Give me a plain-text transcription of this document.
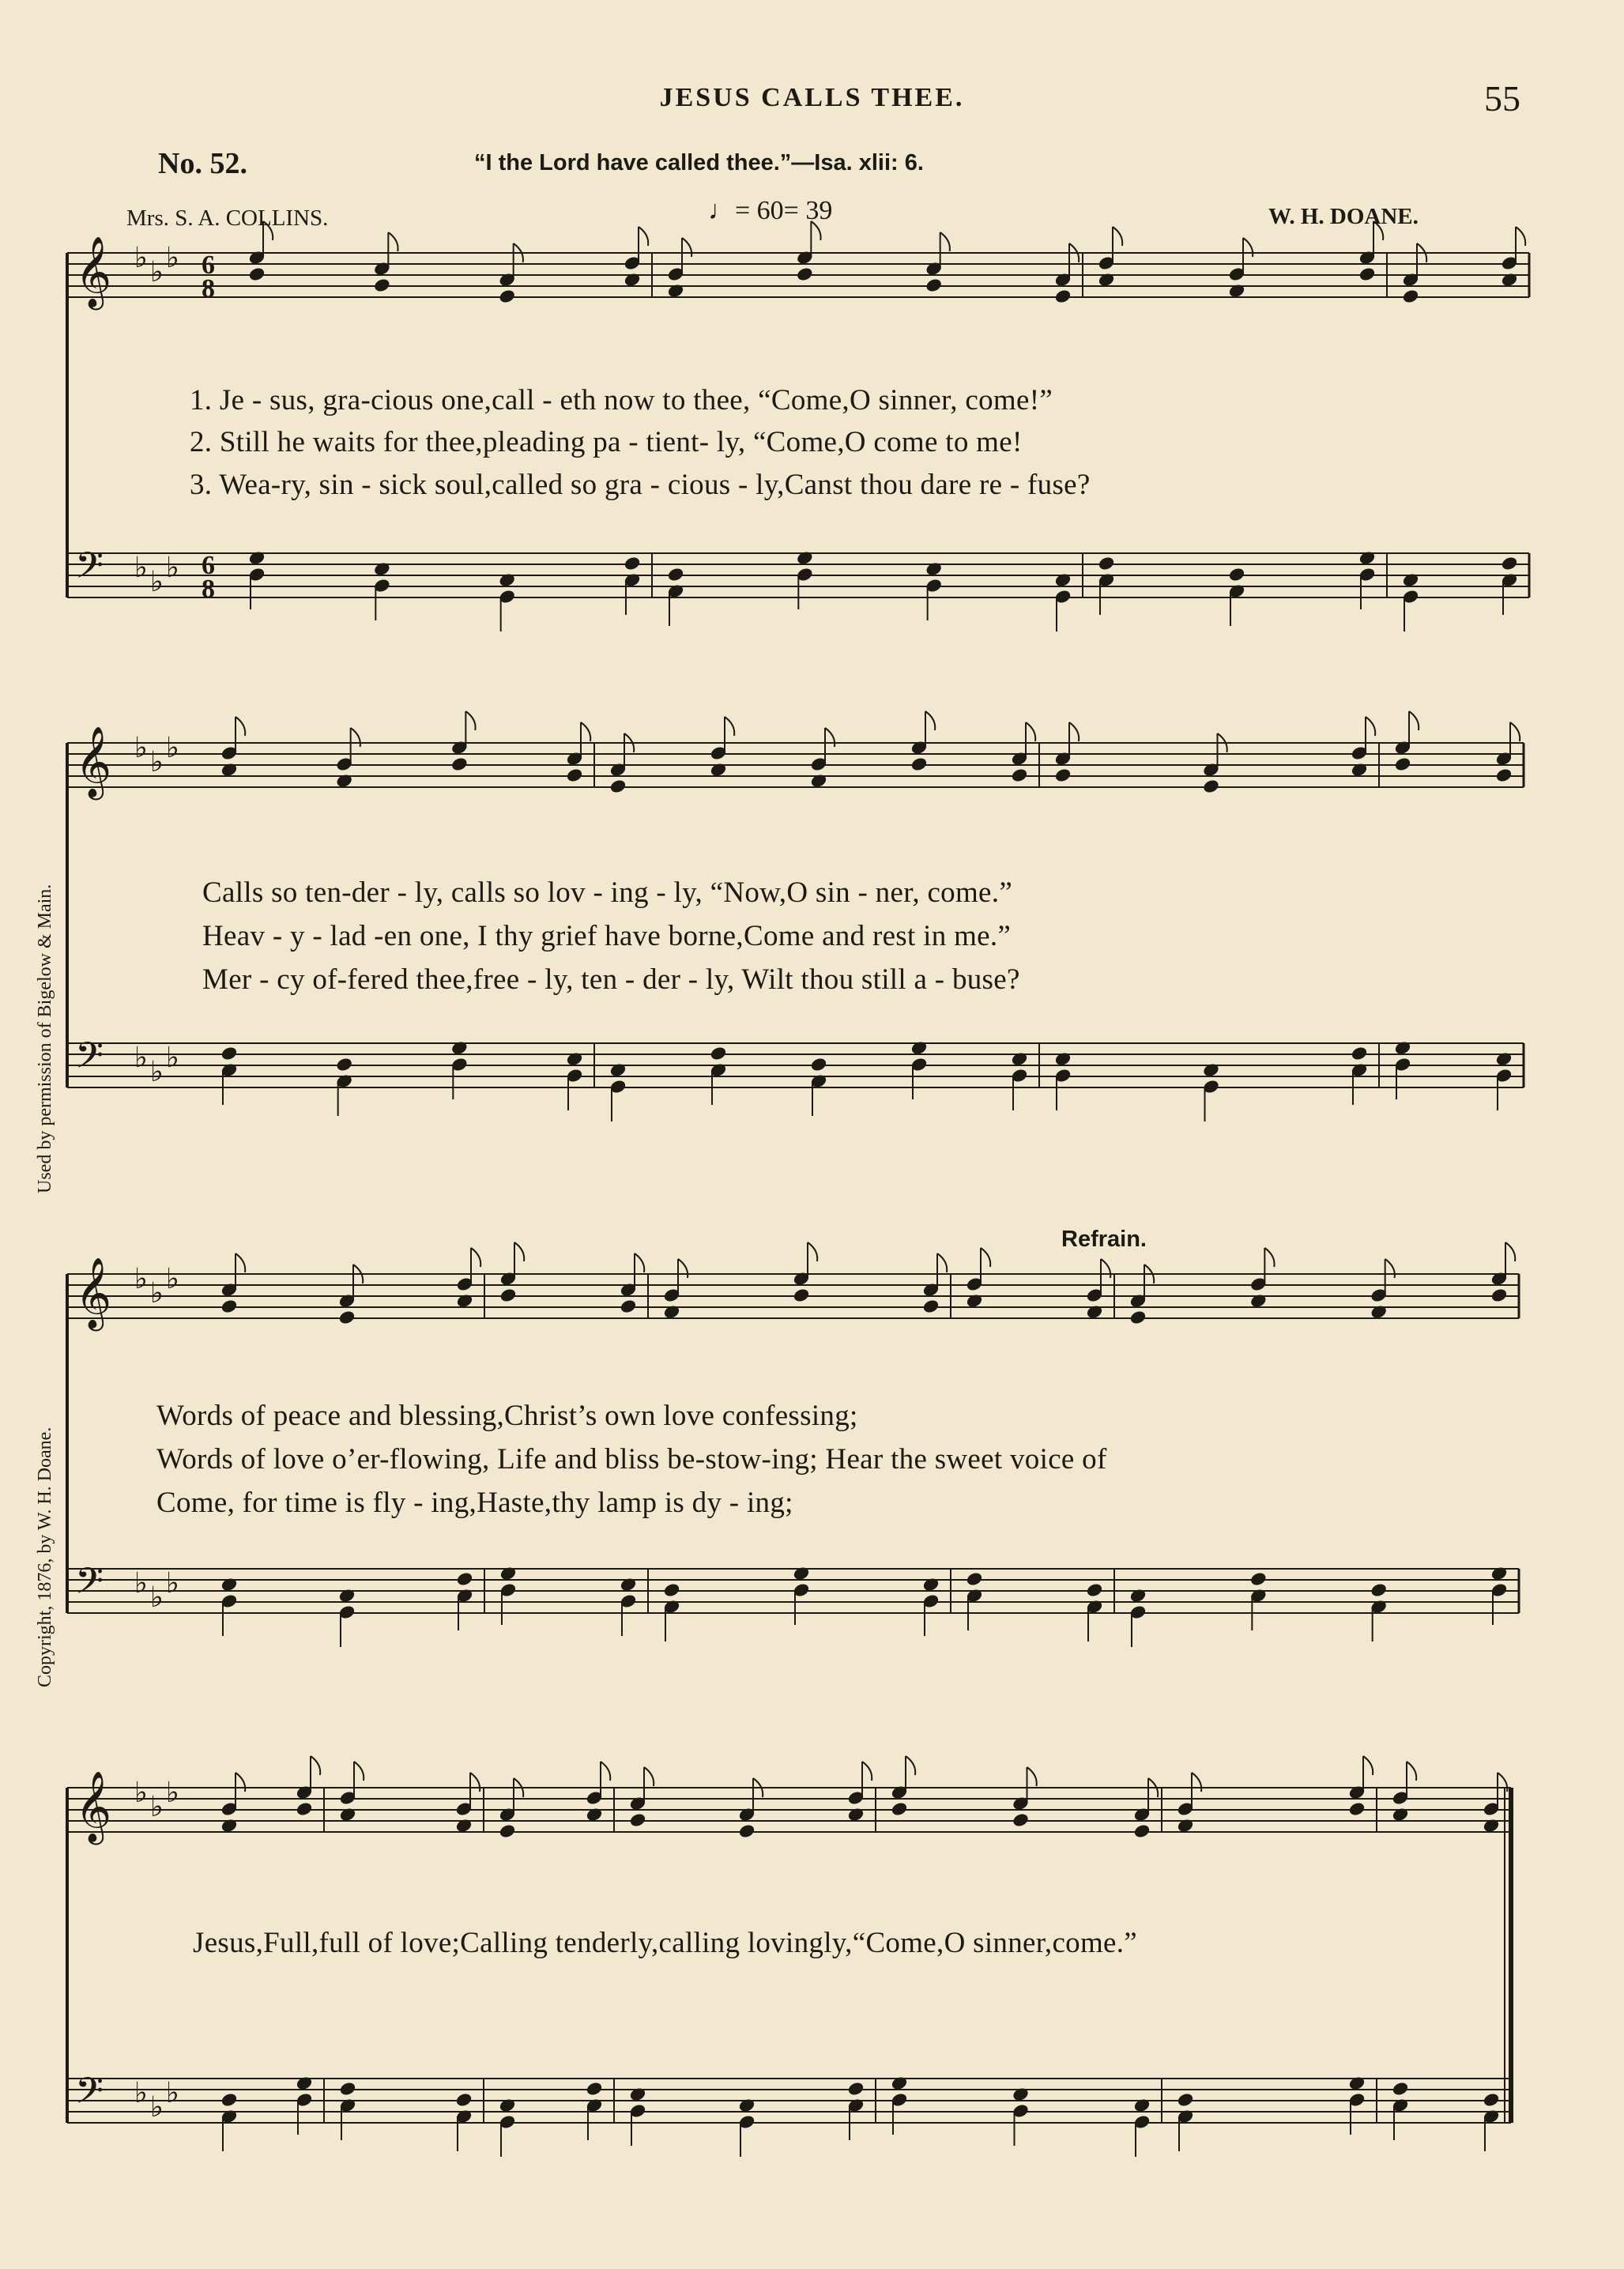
JESUS CALLS THEE.	55
No. 52.	“I the Lord have called thee.”—Isa. xlii: 6.
Mrs. S. A. COLLINS.	♩= 60= 39	W. H. DOANE.
Refrain.
Used by permission of Bigelow & Main.
Copyright, 1876, by W. H. Doane.
𝄞 ♭ ♭ ♭ 6
8
𝄢 ♭ ♭ ♭ 6
8
𝄞 ♭ ♭ ♭
𝄢 ♭ ♭ ♭
𝄞 ♭ ♭ ♭
𝄢 ♭ ♭ ♭
𝄞 ♭ ♭ ♭
𝄢 ♭ ♭ ♭
1. Je - sus, gra-cious one,call - eth now to thee, “Come,O sinner, come!”
2. Still he waits for thee,pleading pa - tient- ly, “Come,O come to me!
3. Wea-ry, sin - sick soul,called so gra - cious - ly,Canst thou dare re - fuse?
Calls so ten-der - ly, calls so lov - ing - ly, “Now,O sin - ner, come.”
Heav - y - lad -en one, I thy grief have borne,Come and rest in me.”
Mer - cy of-fered thee,free - ly, ten - der - ly, Wilt thou still a - buse?
Words of peace and blessing,Christ’s own love confessing;
Words of love o’er-flowing, Life and bliss be-stow-ing; Hear the sweet voice of
Come, for time is fly - ing,Haste,thy lamp is dy - ing;
Jesus,Full,full of love;Calling tenderly,calling lovingly,“Come,O sinner,come.”
